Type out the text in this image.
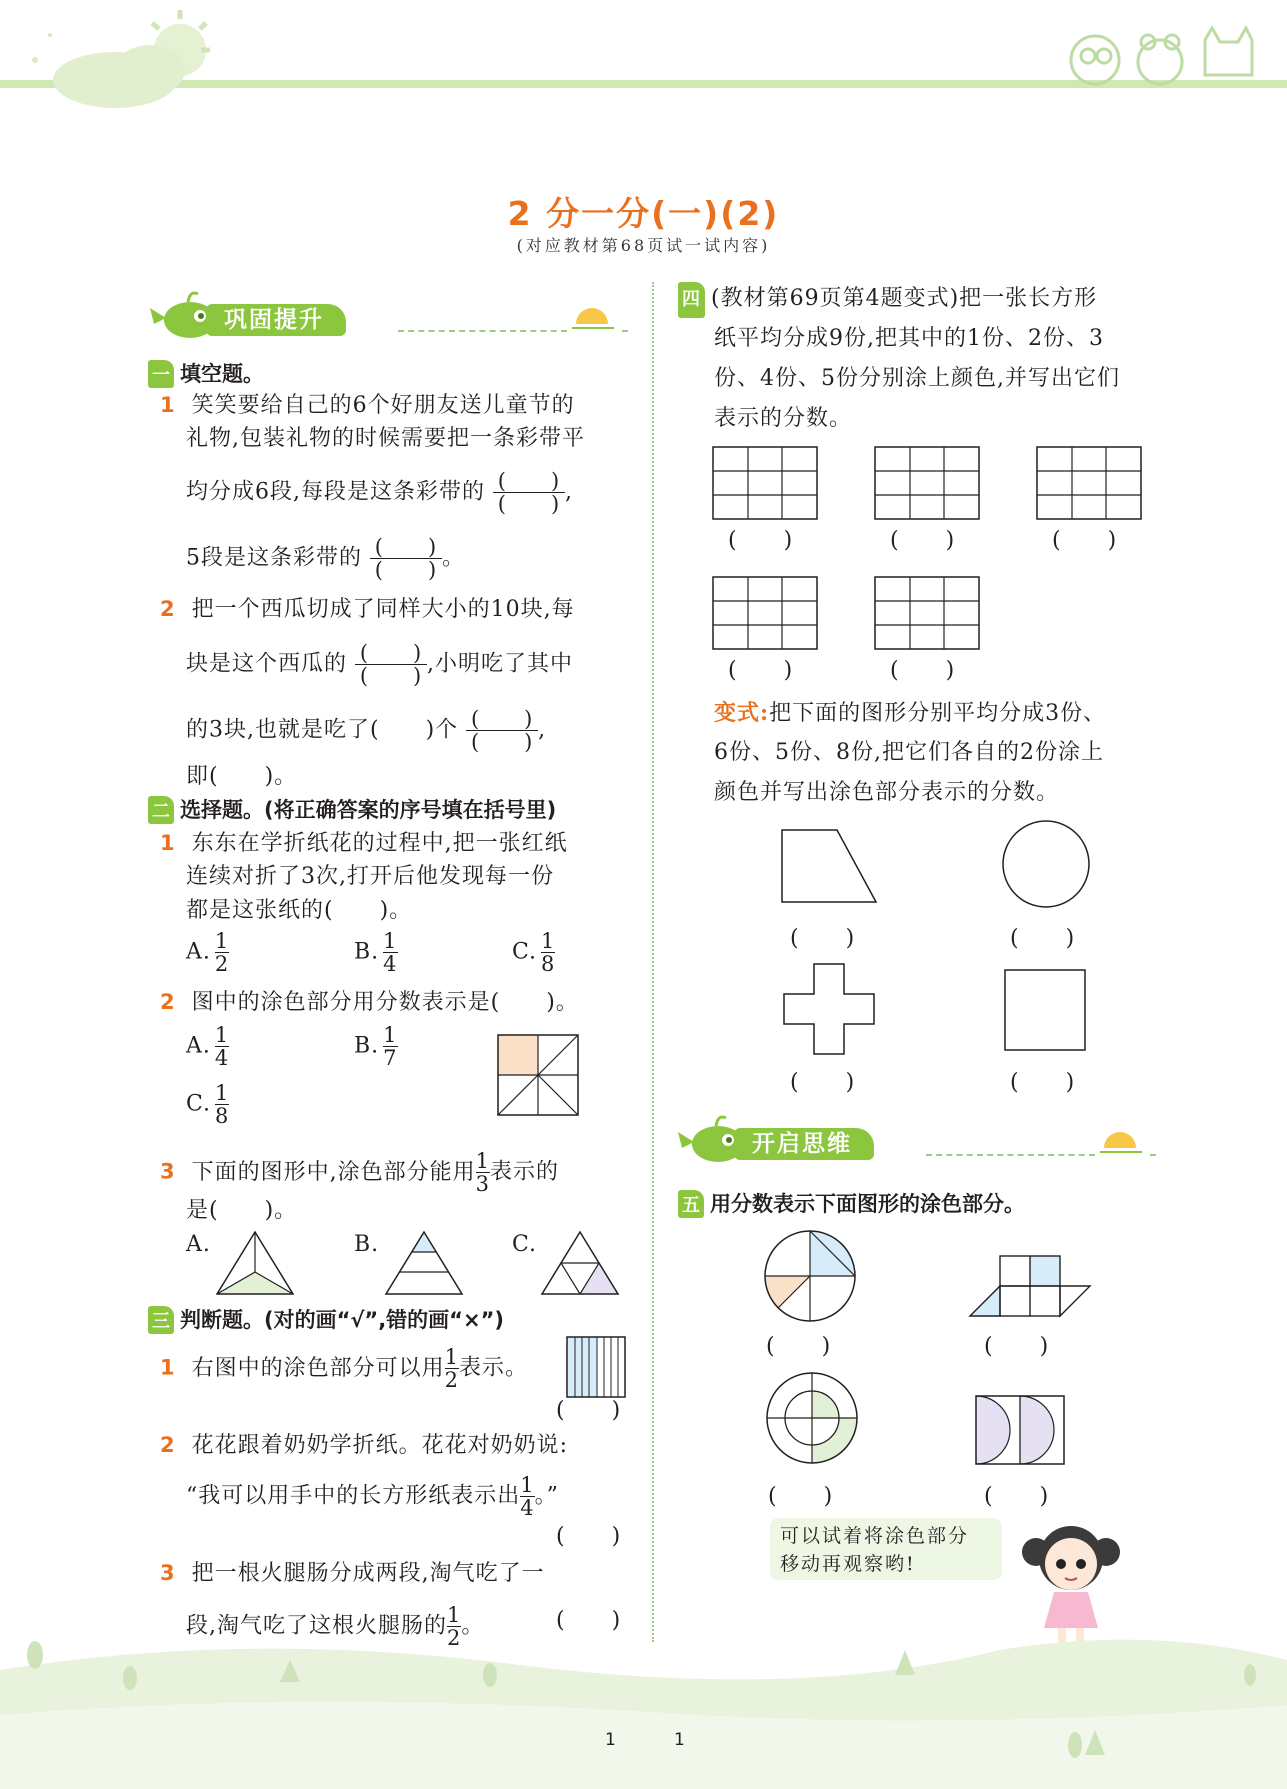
2 分一分(一)(2)
(对应教材第68页试一试内容)
巩固提升
一 填空题。
1 笑笑要给自己的6个好朋友送儿童节的
礼物,包装礼物的时候需要把一条彩带平
均分成6段,每段是这条彩带的 $\frac{( )}{( )}$ ,
5段是这条彩带的 $\frac{( )}{( )}$ 。
2 把一个西瓜切成了同样大小的10块,每
块是这个西瓜的 $\frac{( )}{( )}$ ,小明吃了其中
的3块,也就是吃了(　　)个 $\frac{( )}{( )}$ ,
即(　　)。
二 选择题。(将正确答案的序号填在括号里)
1 东东在学折纸花的过程中,把一张红纸
连续对折了3次,打开后他发现每一份
都是这张纸的(　　)。
A. $\frac{1}{2}$	B. $\frac{1}{4}$	C. $\frac{1}{8}$
2 图中的涂色部分用分数表示是(　　)。
A. $\frac{1}{4}$	B. $\frac{1}{7}$
C. $\frac{1}{8}$
3 下面的图形中,涂色部分能用 $\frac{1}{3}$ 表示的
是(　　)。
A.	B.	C.
三 判断题。(对的画“√”,错的画“×”)
1 右图中的涂色部分可以用 $\frac{1}{2}$ 表示。
(　　)
2 花花跟着奶奶学折纸。花花对奶奶说:
“我可以用手中的长方形纸表示出 $\frac{1}{4}$ 。”
(　　)
3 把一根火腿肠分成两段,淘气吃了一
段,淘气吃了这根火腿肠的 $\frac{1}{2}$ 。	(　　)
四 (教材第69页第4题变式)把一张长方形
纸平均分成9份,把其中的1份、2份、3
份、4份、5份分别涂上颜色,并写出它们
表示的分数。
(　　)	(　　)	(　　)
(　　)	(　　)
变式:把下面的图形分别平均分成3份、
6份、5份、8份,把它们各自的2份涂上
颜色并写出涂色部分表示的分数。
(　　)	(　　)
(　　)	(　　)
开启思维
五 用分数表示下面图形的涂色部分。
(　　)	(　　)
(　　)	(　　)
可以试着将涂色部分
移动再观察哟!
1	1
